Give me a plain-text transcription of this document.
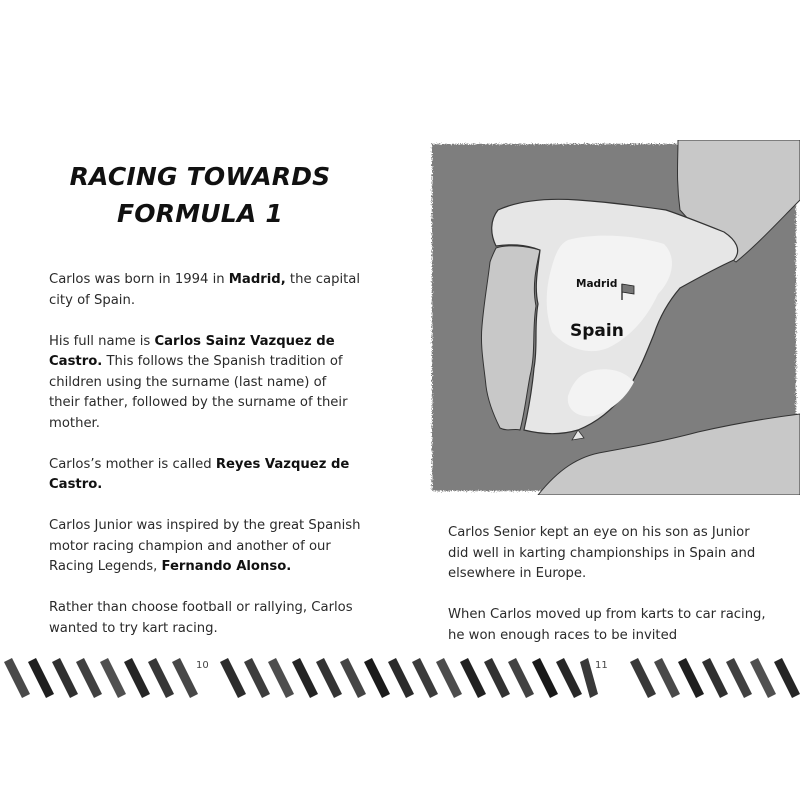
RACING TOWARDS
FORMULA 1

Carlos was born in 1994 in Madrid, the capital city of Spain.

His full name is Carlos Sainz Vazquez de Castro. This follows the Spanish tradition of children using the surname (last name) of their father, followed by the surname of their mother.

Carlos’s mother is called Reyes Vazquez de Castro.

Carlos Junior was inspired by the great Spanish motor racing champion and another of our Racing Legends, Fernando Alonso.

Rather than choose football or rallying, Carlos wanted to try kart racing.

10

Carlos Senior kept an eye on his son as Junior did well in karting championships in Spain and elsewhere in Europe.

When Carlos moved up from karts to car racing, he won enough races to be invited

11
Madrid
Spain
